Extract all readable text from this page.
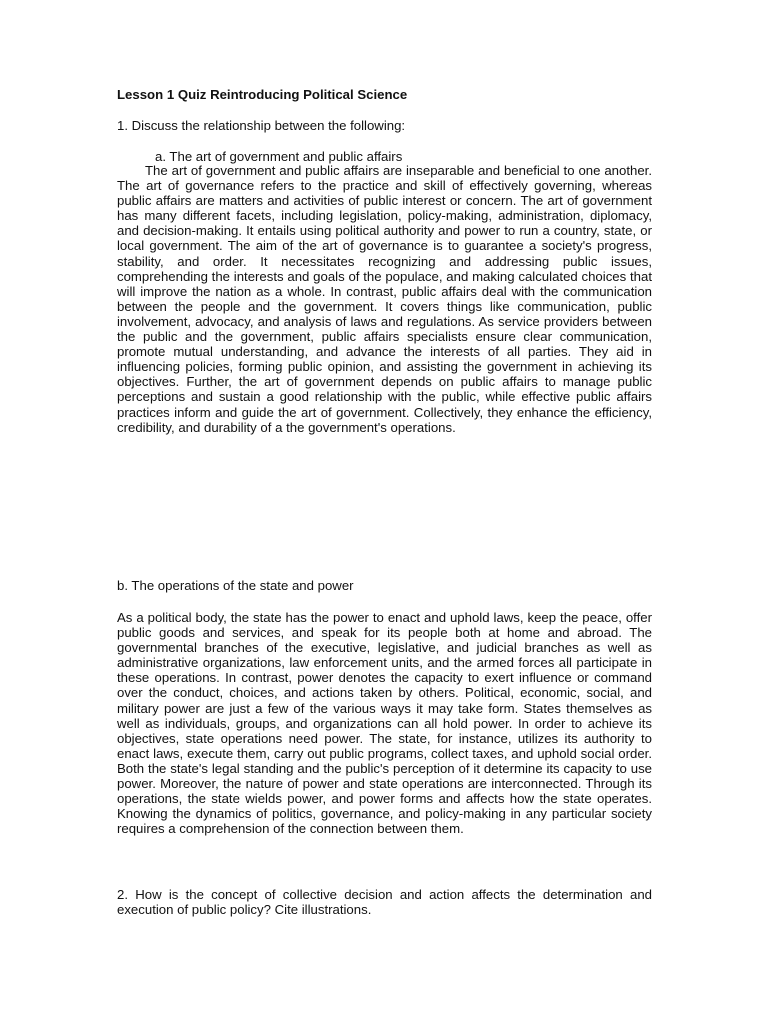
Lesson 1 Quiz Reintroducing Political Science
1. Discuss the relationship between the following:
a. The art of government and public affairs

The art of government and public affairs are inseparable and beneficial to one another. The art of governance refers to the practice and skill of effectively governing, whereas public affairs are matters and activities of public interest or concern. The art of government has many different facets, including legislation, policy-making, administration, diplomacy, and decision-making. It entails using political authority and power to run a country, state, or local government. The aim of the art of governance is to guarantee a society's progress, stability, and order. It necessitates recognizing and addressing public issues, comprehending the interests and goals of the populace, and making calculated choices that will improve the nation as a whole. In contrast, public affairs deal with the communication between the people and the government. It covers things like communication, public involvement, advocacy, and analysis of laws and regulations. As service providers between the public and the government, public affairs specialists ensure clear communication, promote mutual understanding, and advance the interests of all parties. They aid in influencing policies, forming public opinion, and assisting the government in achieving its objectives. Further, the art of government depends on public affairs to manage public perceptions and sustain a good relationship with the public, while effective public affairs practices inform and guide the art of government. Collectively, they enhance the efficiency, credibility, and durability of a the government's operations.

b. The operations of the state and power

As a political body, the state has the power to enact and uphold laws, keep the peace, offer public goods and services, and speak for its people both at home and abroad. The governmental branches of the executive, legislative, and judicial branches as well as administrative organizations, law enforcement units, and the armed forces all participate in these operations. In contrast, power denotes the capacity to exert influence or command over the conduct, choices, and actions taken by others. Political, economic, social, and military power are just a few of the various ways it may take form. States themselves as well as individuals, groups, and organizations can all hold power. In order to achieve its objectives, state operations need power. The state, for instance, utilizes its authority to enact laws, execute them, carry out public programs, collect taxes, and uphold social order. Both the state's legal standing and the public's perception of it determine its capacity to use power. Moreover, the nature of power and state operations are interconnected. Through its operations, the state wields power, and power forms and affects how the state operates. Knowing the dynamics of politics, governance, and policy-making in any particular society requires a comprehension of the connection between them.

2. How is the concept of collective decision and action affects the determination and execution of public policy? Cite illustrations.
